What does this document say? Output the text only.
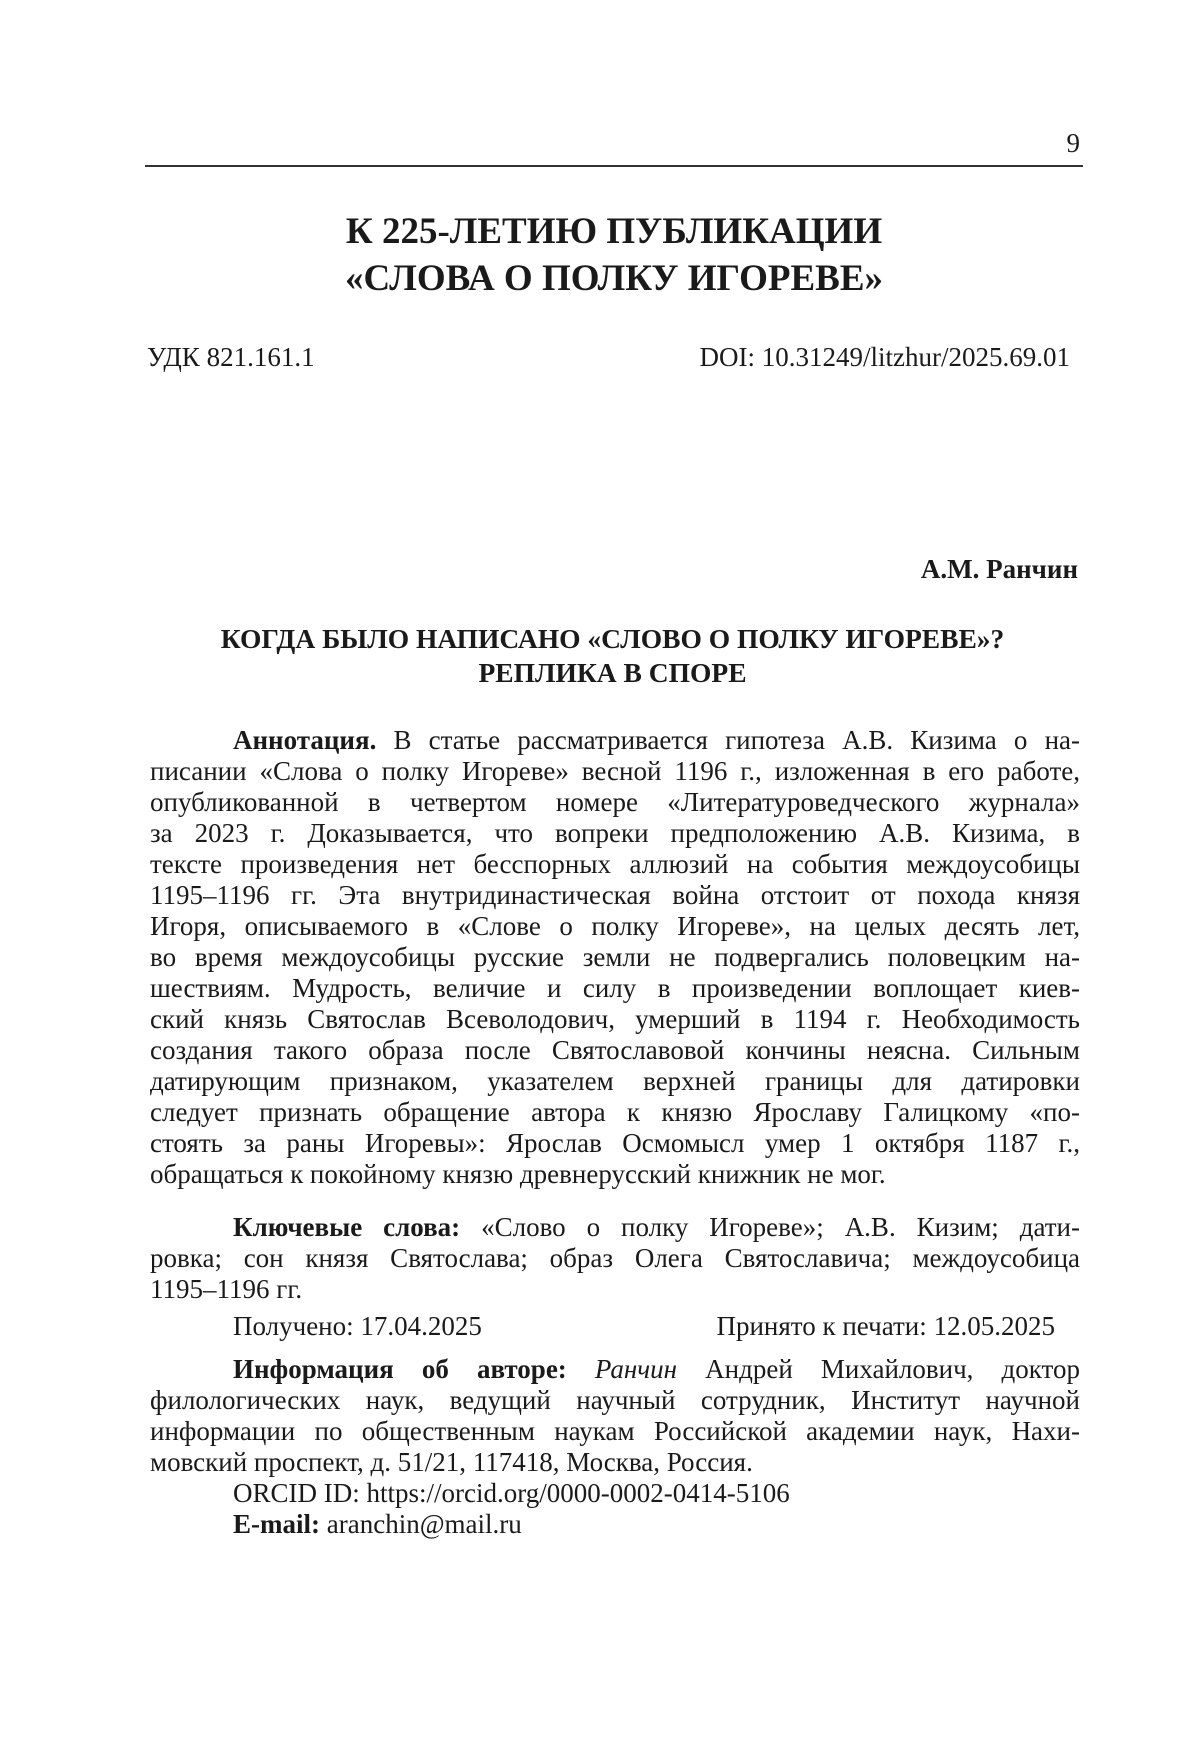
9
К 225-ЛЕТИЮ ПУБЛИКАЦИИ
«СЛОВА О ПОЛКУ ИГОРЕВЕ»
УДК 821.161.1	DOI: 10.31249/litzhur/2025.69.01
А.М. Ранчин
КОГДА БЫЛО НАПИСАНО «СЛОВО О ПОЛКУ ИГОРЕВЕ»?
РЕПЛИКА В СПОРЕ
Аннотация. В статье рассматривается гипотеза А.В. Кизима о на-
писании «Слова о полку Игореве» весной 1196 г., изложенная в его работе,
опубликованной в четвертом номере «Литературоведческого журнала»
за 2023 г. Доказывается, что вопреки предположению А.В. Кизима, в
тексте произведения нет бесспорных аллюзий на события междоусобицы
1195–1196 гг. Эта внутридинастическая война отстоит от похода князя
Игоря, описываемого в «Слове о полку Игореве», на целых десять лет,
во время междоусобицы русские земли не подвергались половецким на-
шествиям. Мудрость, величие и силу в произведении воплощает киев-
ский князь Святослав Всеволодович, умерший в 1194 г. Необходимость
создания такого образа после Святославовой кончины неясна. Сильным
датирующим признаком, указателем верхней границы для датировки
следует признать обращение автора к князю Ярославу Галицкому «по-
стоять за раны Игоревы»: Ярослав Осмомысл умер 1 октября 1187 г.,
обращаться к покойному князю древнерусский книжник не мог.
Ключевые слова: «Слово о полку Игореве»; А.В. Кизим; дати-
ровка; сон князя Святослава; образ Олега Святославича; междоусобица
1195–1196 гг.
Получено: 17.04.2025	Принято к печати: 12.05.2025
Информация об авторе: Ранчин Андрей Михайлович, доктор
филологических наук, ведущий научный сотрудник, Институт научной
информации по общественным наукам Российской академии наук, Нахи-
мовский проспект, д. 51/21, 117418, Москва, Россия.
ORCID ID: https://orcid.org/0000-0002-0414-5106
E-mail: aranchin@mail.ru
